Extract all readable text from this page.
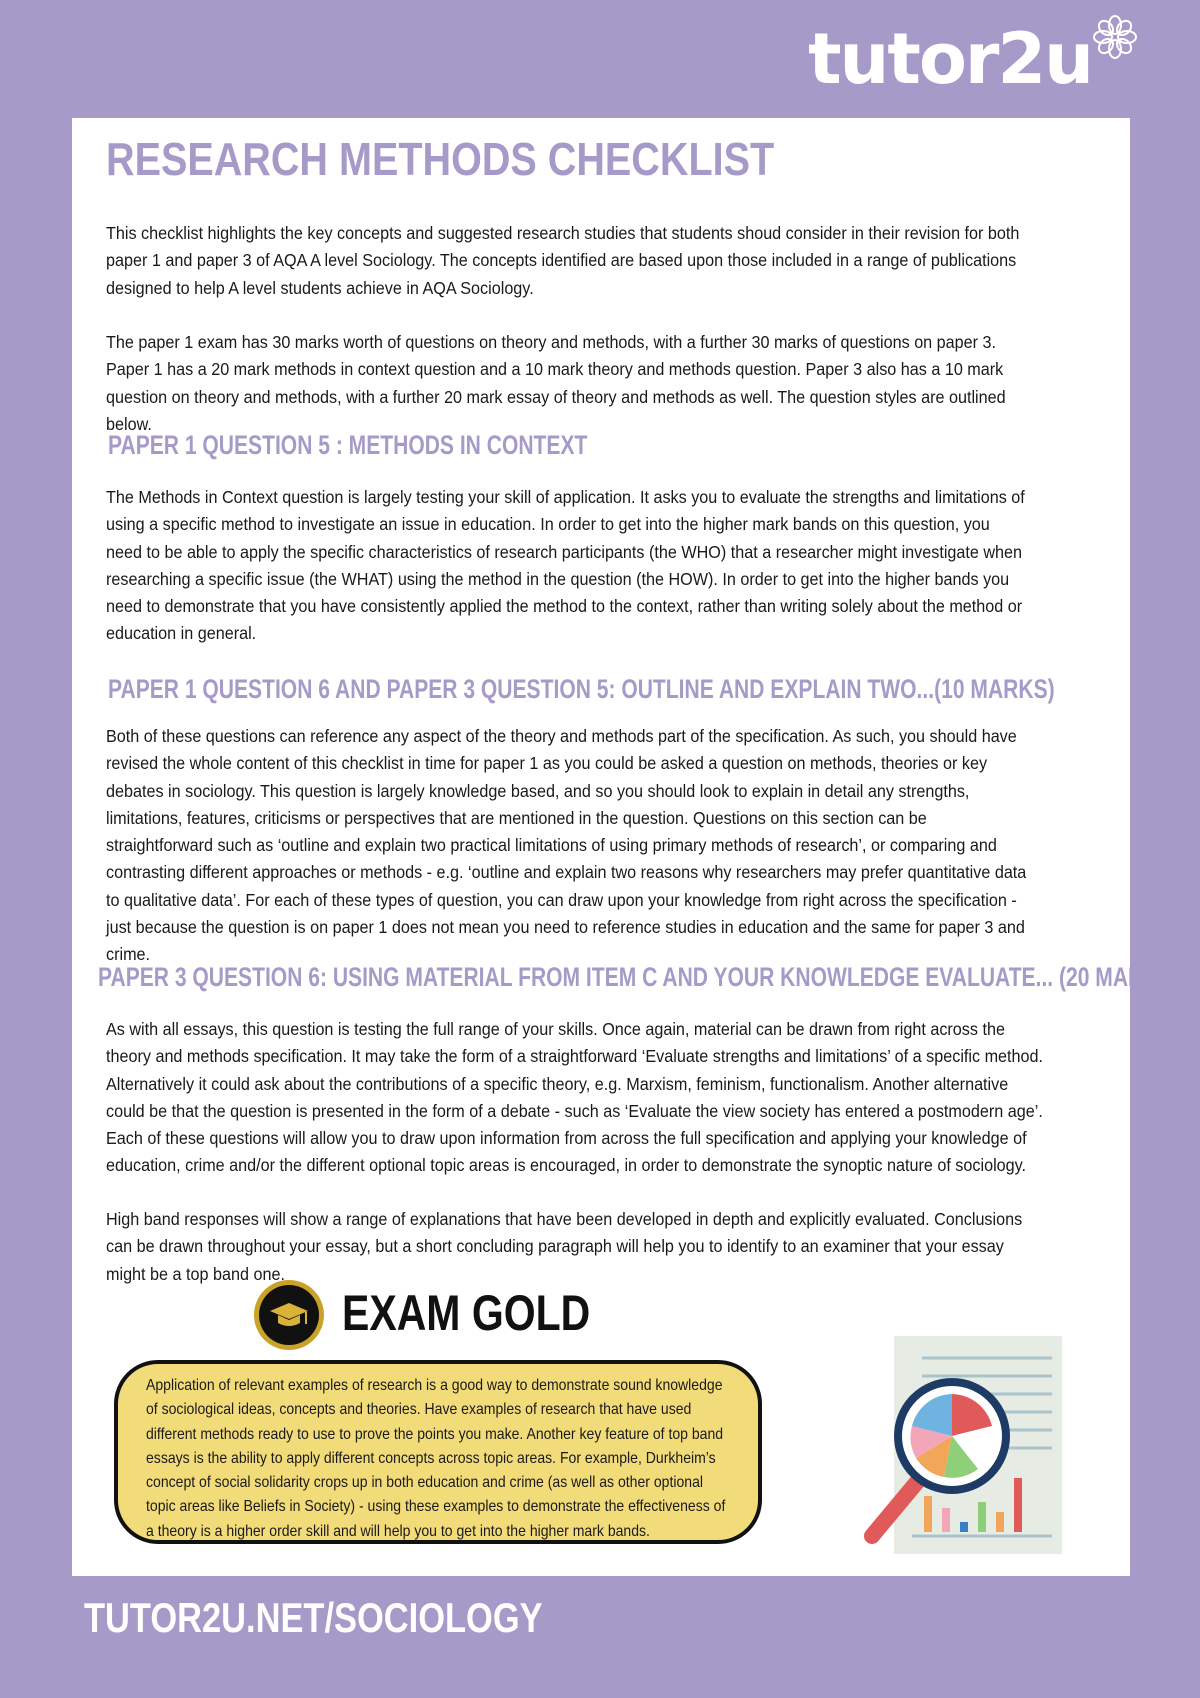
tutor2u
RESEARCH METHODS CHECKLIST

This checklist highlights the key concepts and suggested research studies that students shoud consider in their revision for both paper 1 and paper 3 of AQA A level Sociology. The concepts identified are based upon those included in a range of publications designed to help A level students achieve in AQA Sociology.

The paper 1 exam has 30 marks worth of questions on theory and methods, with a further 30 marks of questions on paper 3. Paper 1 has a 20 mark methods in context question and a 10 mark theory and methods question. Paper 3 also has a 10 mark question on theory and methods, with a further 20 mark essay of theory and methods as well. The question styles are outlined below.

PAPER 1 QUESTION 5 : METHODS IN CONTEXT

The Methods in Context question is largely testing your skill of application. It asks you to evaluate the strengths and limitations of using a specific method to investigate an issue in education. In order to get into the higher mark bands on this question, you need to be able to apply the specific characteristics of research participants (the WHO) that a researcher might investigate when researching a specific issue (the WHAT) using the method in the question (the HOW). In order to get into the higher bands you need to demonstrate that you have consistently applied the method to the context, rather than writing solely about the method or education in general.

PAPER 1 QUESTION 6 AND PAPER 3 QUESTION 5: OUTLINE AND EXPLAIN TWO...(10 MARKS)

Both of these questions can reference any aspect of the theory and methods part of the specification. As such, you should have revised the whole content of this checklist in time for paper 1 as you could be asked a question on methods, theories or key debates in sociology. This question is largely knowledge based, and so you should look to explain in detail any strengths, limitations, features, criticisms or perspectives that are mentioned in the question. Questions on this section can be straightforward such as ‘outline and explain two practical limitations of using primary methods of research’, or comparing and contrasting different approaches or methods - e.g. ‘outline and explain two reasons why researchers may prefer quantitative data to qualitative data’. For each of these types of question, you can draw upon your knowledge from right across the specification - just because the question is on paper 1 does not mean you need to reference studies in education and the same for paper 3 and crime.

PAPER 3 QUESTION 6: USING MATERIAL FROM ITEM C AND YOUR KNOWLEDGE EVALUATE... (20 MARKS)

As with all essays, this question is testing the full range of your skills. Once again, material can be drawn from right across the theory and methods specification. It may take the form of a straightforward ‘Evaluate strengths and limitations’ of a specific method. Alternatively it could ask about the contributions of a specific theory, e.g. Marxism, feminism, functionalism. Another alternative could be that the question is presented in the form of a debate - such as ‘Evaluate the view society has entered a postmodern age’. Each of these questions will allow you to draw upon information from across the full specification and applying your knowledge of education, crime and/or the different optional topic areas is encouraged, in order to demonstrate the synoptic nature of sociology.

High band responses will show a range of explanations that have been developed in depth and explicitly evaluated. Conclusions can be drawn throughout your essay, but a short concluding paragraph will help you to identify to an examiner that your essay might be a top band one.

EXAM GOLD

Application of relevant examples of research is a good way to demonstrate sound knowledge of sociological ideas, concepts and theories. Have examples of research that have used different methods ready to use to prove the points you make. Another key feature of top band essays is the ability to apply different concepts across topic areas. For example, Durkheim’s concept of social solidarity crops up in both education and crime (as well as other optional topic areas like Beliefs in Society) - using these examples to demonstrate the effectiveness of a theory is a higher order skill and will help you to get into the higher mark bands.

TUTOR2U.NET/SOCIOLOGY
